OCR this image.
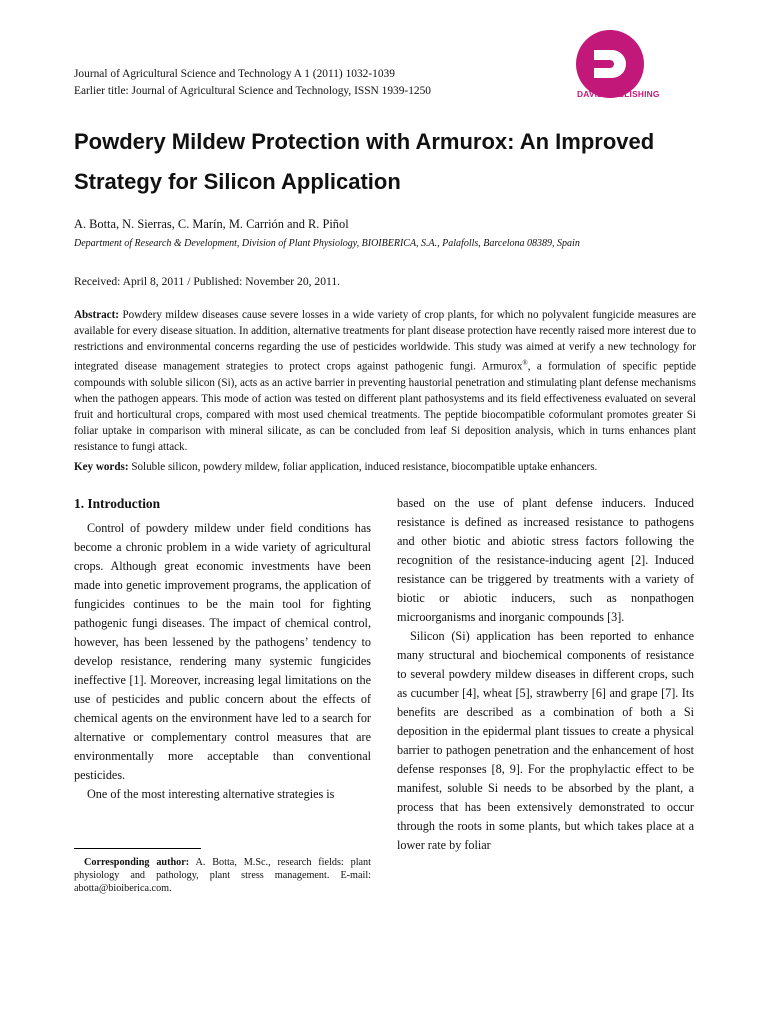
Journal of Agricultural Science and Technology A 1 (2011) 1032-1039
Earlier title: Journal of Agricultural Science and Technology, ISSN 1939-1250	DAVID PUBLISHING
Powdery Mildew Protection with Armurox: An Improved Strategy for Silicon Application
A. Botta, N. Sierras, C. Marín, M. Carrión and R. Piñol
Department of Research & Development, Division of Plant Physiology, BIOIBERICA, S.A., Palafolls, Barcelona 08389, Spain
Received: April 8, 2011 / Published: November 20, 2011.
Abstract: Powdery mildew diseases cause severe losses in a wide variety of crop plants, for which no polyvalent fungicide measures are available for every disease situation. In addition, alternative treatments for plant disease protection have recently raised more interest due to restrictions and environmental concerns regarding the use of pesticides worldwide. This study was aimed at verify a new technology for integrated disease management strategies to protect crops against pathogenic fungi. Armurox®, a formulation of specific peptide compounds with soluble silicon (Si), acts as an active barrier in preventing haustorial penetration and stimulating plant defense mechanisms when the pathogen appears. This mode of action was tested on different plant pathosystems and its field effectiveness evaluated on several fruit and horticultural crops, compared with most used chemical treatments. The peptide biocompatible coformulant promotes greater Si foliar uptake in comparison with mineral silicate, as can be concluded from leaf Si deposition analysis, which in turns enhances plant resistance to fungi attack.
Key words: Soluble silicon, powdery mildew, foliar application, induced resistance, biocompatible uptake enhancers.
1. Introduction

Control of powdery mildew under field conditions has become a chronic problem in a wide variety of agricultural crops. Although great economic investments have been made into genetic improvement programs, the application of fungicides continues to be the main tool for fighting pathogenic fungi diseases. The impact of chemical control, however, has been lessened by the pathogens’ tendency to develop resistance, rendering many systemic fungicides ineffective [1]. Moreover, increasing legal limitations on the use of pesticides and public concern about the effects of chemical agents on the environment have led to a search for alternative or complementary control measures that are environmentally more acceptable than conventional pesticides.

One of the most interesting alternative strategies is

based on the use of plant defense inducers. Induced resistance is defined as increased resistance to pathogens and other biotic and abiotic stress factors following the recognition of the resistance-inducing agent [2]. Induced resistance can be triggered by treatments with a variety of biotic or abiotic inducers, such as nonpathogen microorganisms and inorganic compounds [3].

Silicon (Si) application has been reported to enhance many structural and biochemical components of resistance to several powdery mildew diseases in different crops, such as cucumber [4], wheat [5], strawberry [6] and grape [7]. Its benefits are described as a combination of both a Si deposition in the epidermal plant tissues to create a physical barrier to pathogen penetration and the enhancement of host defense responses [8, 9]. For the prophylactic effect to be manifest, soluble Si needs to be absorbed by the plant, a process that has been extensively demonstrated to occur through the roots in some plants, but which takes place at a lower rate by foliar

Corresponding author: A. Botta, M.Sc., research fields: plant physiology and pathology, plant stress management. E-mail: abotta@bioiberica.com.
